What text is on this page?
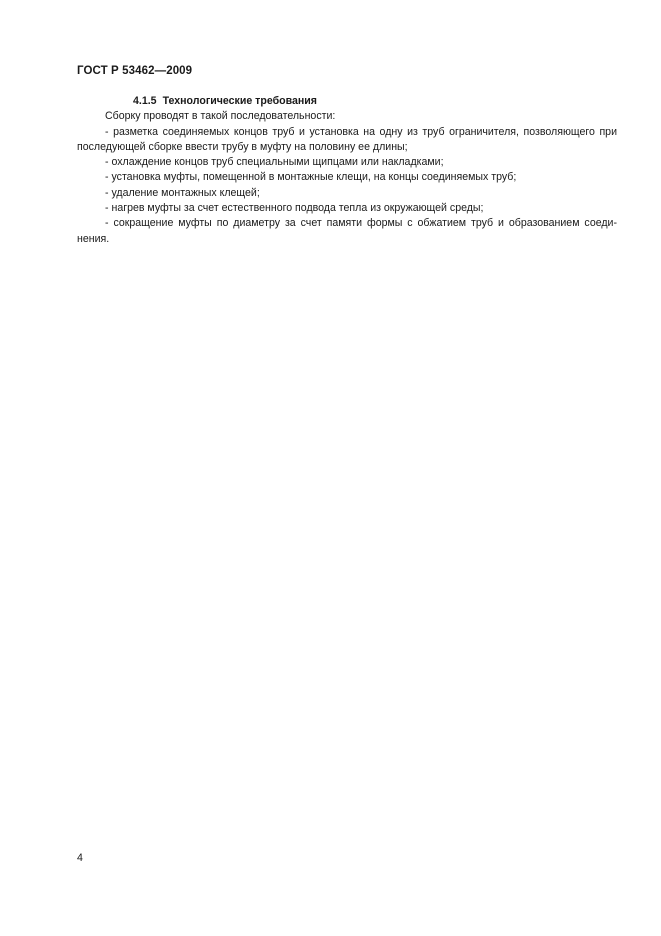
ГОСТ Р 53462—2009

4.1.5 Технологические требования

Сборку проводят в такой последовательности:

- разметка соединяемых концов труб и установка на одну из труб ограничителя, позволяющего при последующей сборке ввести трубу в муфту на половину ее длины;

- охлаждение концов труб специальными щипцами или накладками;

- установка муфты, помещенной в монтажные клещи, на концы соединяемых труб;

- удаление монтажных клещей;

- нагрев муфты за счет естественного подвода тепла из окружающей среды;

- сокращение муфты по диаметру за счет памяти формы с обжатием труб и образованием соеди-нения.

4
